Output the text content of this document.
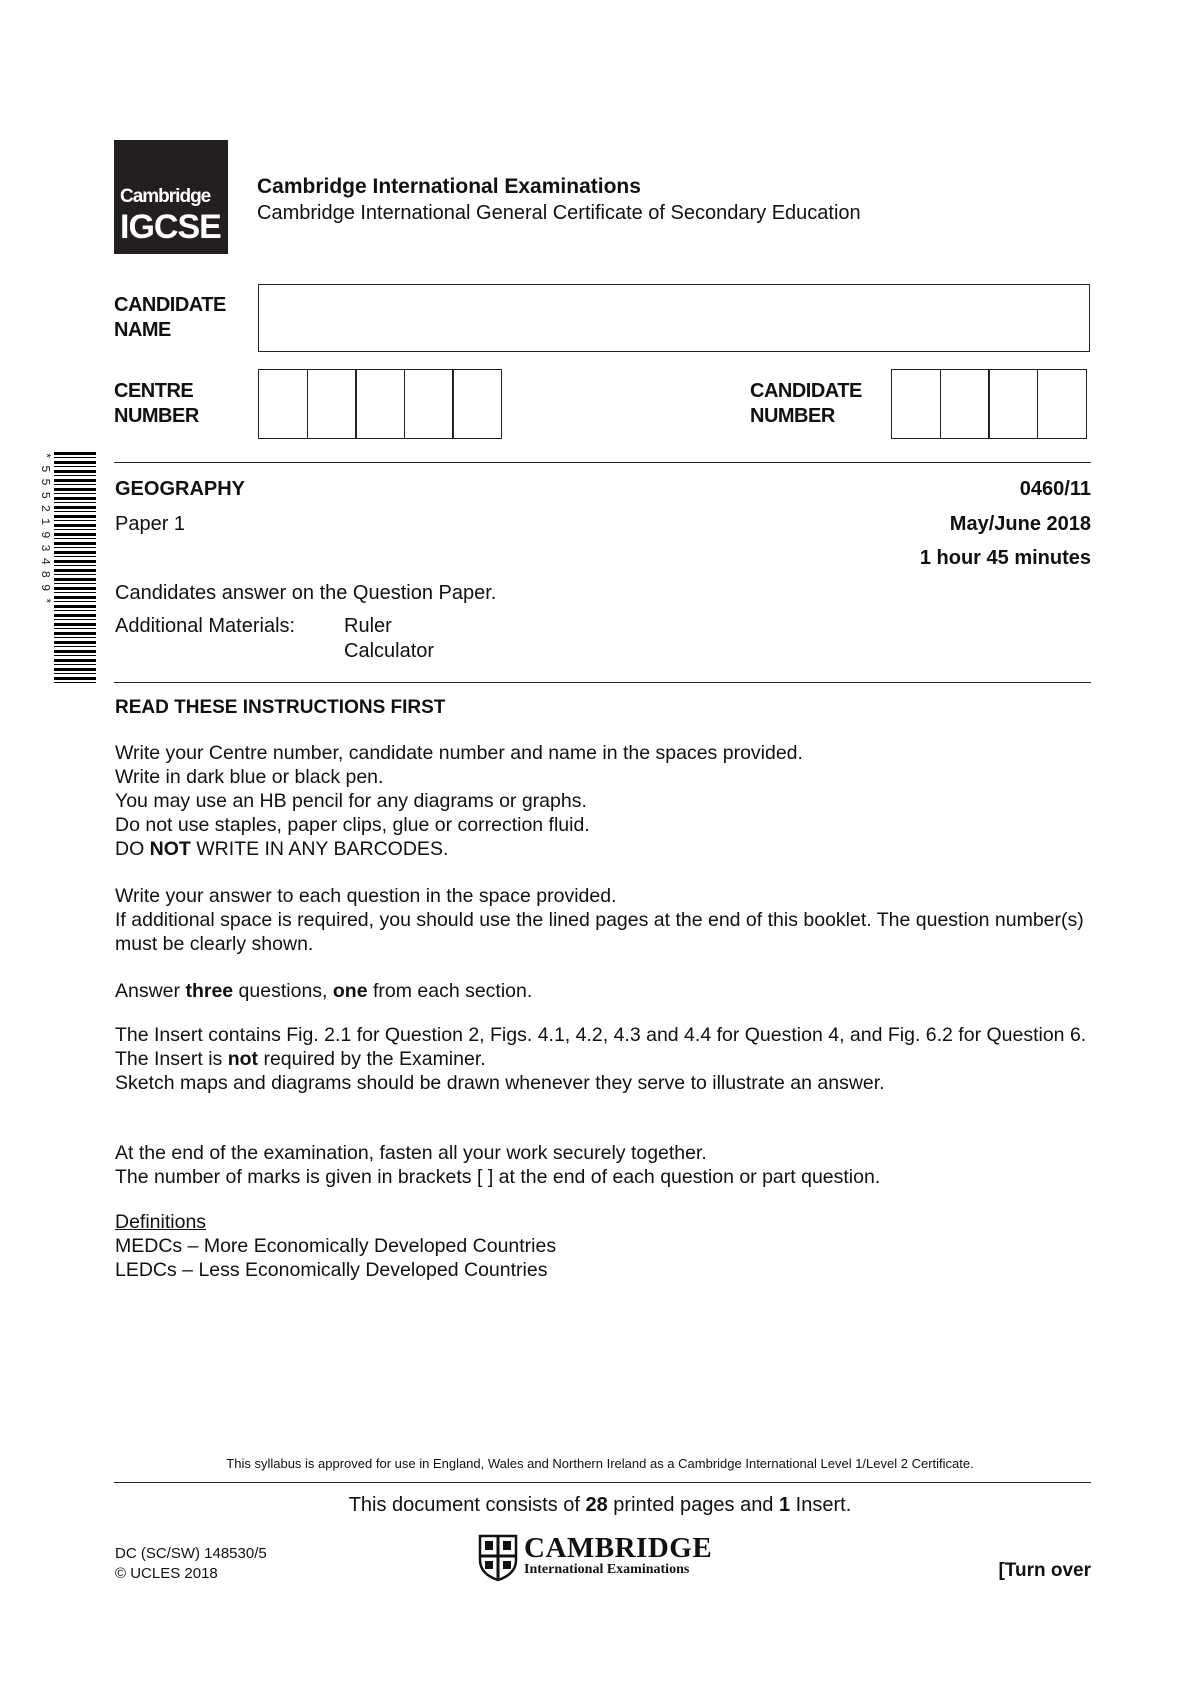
Cambridge
IGCSE
Cambridge International Examinations
Cambridge International General Certificate of Secondary Education
CANDIDATE
NAME
CENTRE
NUMBER
CANDIDATE
NUMBER
*5552193489*	GEOGRAPHY	0460/11
Paper 1	May/June 2018
1 hour 45 minutes
Candidates answer on the Question Paper.
Additional Materials: Ruler
Calculator
READ THESE INSTRUCTIONS FIRST

Write your Centre number, candidate number and name in the spaces provided.

Write in dark blue or black pen.

You may use an HB pencil for any diagrams or graphs.

Do not use staples, paper clips, glue or correction fluid.

DO NOT WRITE IN ANY BARCODES.

Write your answer to each question in the space provided.

If additional space is required, you should use the lined pages at the end of this booklet. The question number(s) must be clearly shown.

Answer three questions, one from each section.

The Insert contains Fig. 2.1 for Question 2, Figs. 4.1, 4.2, 4.3 and 4.4 for Question 4, and Fig. 6.2 for Question 6.

The Insert is not required by the Examiner.

Sketch maps and diagrams should be drawn whenever they serve to illustrate an answer.

At the end of the examination, fasten all your work securely together.

The number of marks is given in brackets [ ] at the end of each question or part question.

Definitions

MEDCs – More Economically Developed Countries

LEDCs – Less Economically Developed Countries

This syllabus is approved for use in England, Wales and Northern Ireland as a Cambridge International Level 1/Level 2 Certificate.
This document consists of 28 printed pages and 1 Insert.
DC (SC/SW) 148530/5
© UCLES 2018
CAMBRIDGE
International Examinations	[Turn over
